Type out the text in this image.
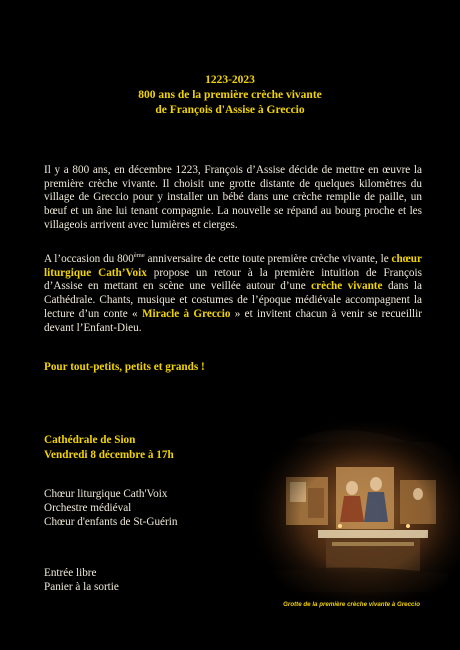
1223-2023
800 ans de la première crèche vivante
de François d'Assise à Greccio

Il y a 800 ans, en décembre 1223, François d’Assise décide de mettre en œuvre la première crèche vivante. Il choisit une grotte distante de quelques kilomètres du village de Greccio pour y installer un bébé dans une crèche remplie de paille, un bœuf et un âne lui tenant compagnie. La nouvelle se répand au bourg proche et les villageois arrivent avec lumières et cierges.

A l’occasion du 800ème anniversaire de cette toute première crèche vivante, le chœur liturgique Cath’Voix propose un retour à la première intuition de François d’Assise en mettant en scène une veillée autour d’une crèche vivante dans la Cathédrale. Chants, musique et costumes de l’époque médiévale accompagnent la lecture d’un conte « Miracle à Greccio » et invitent chacun à venir se recueillir devant l’Enfant-Dieu.

Pour tout-petits, petits et grands !
Cathédrale de Sion
Vendredi 8 décembre à 17h
Chœur liturgique Cath'Voix
Orchestre médiéval
Chœur d'enfants de St-Guérin
Entrée libre
Panier à la sortie
Grotte de la première crèche vivante à Greccio
